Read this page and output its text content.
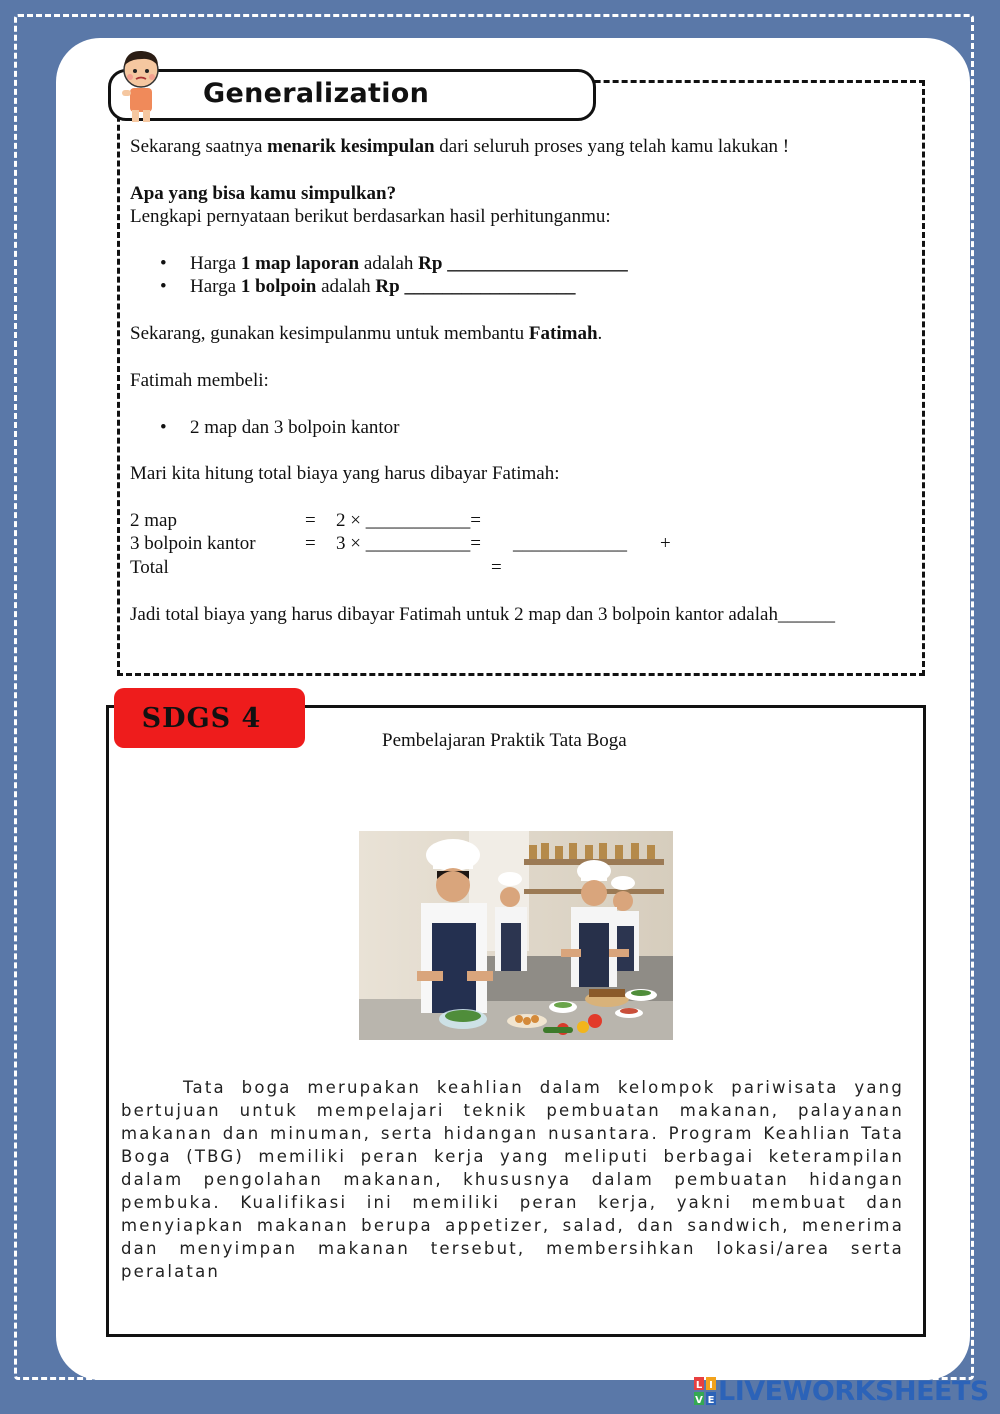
Generalization
Sekarang saatnya menarik kesimpulan dari seluruh proses yang telah kamu lakukan !
Apa yang bisa kamu simpulkan?
Lengkapi pernyataan berikut berdasarkan hasil perhitunganmu:
• Harga 1 map laporan adalah Rp ___________________
• Harga 1 bolpoin adalah Rp __________________
Sekarang, gunakan kesimpulanmu untuk membantu Fatimah.
Fatimah membeli:
• 2 map dan 3 bolpoin kantor
Mari kita hitung total biaya yang harus dibayar Fatimah:
2 map	= 2 × ___________=
3 bolpoin kantor	= 3 × ___________= ____________ +
Total	=
Jadi total biaya yang harus dibayar Fatimah untuk 2 map dan 3 bolpoin kantor adalah______
SDGS 4
Pembelajaran Praktik Tata Boga
Tata boga merupakan keahlian dalam kelompok pariwisata yang bertujuan untuk mempelajari teknik pembuatan makanan, palayanan makanan dan minuman, serta hidangan nusantara. Program Keahlian Tata Boga (TBG) memiliki peran kerja yang meliputi berbagai keterampilan dalam pengolahan makanan, khususnya dalam pembuatan hidangan pembuka. Kualifikasi ini memiliki peran kerja, yakni membuat dan menyiapkan makanan berupa appetizer, salad, dan sandwich, menerima dan menyimpan makanan tersebut, membersihkan lokasi/area serta peralatan
L I
V E LIVEWORKSHEETS
